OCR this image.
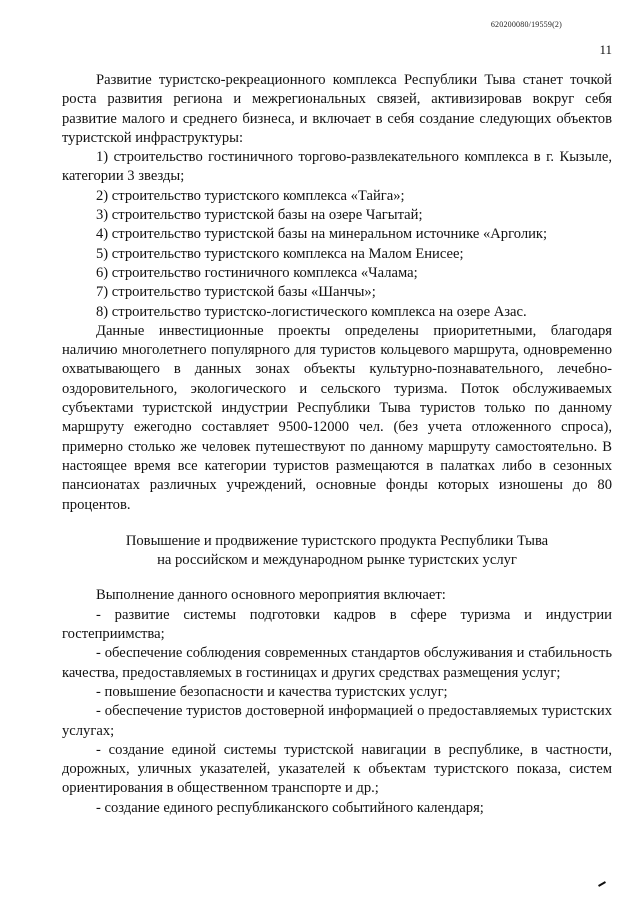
620200080/19559(2)
11

Развитие туристско-рекреационного комплекса Республики Тыва станет точкой роста развития региона и межрегиональных связей, активизировав вокруг себя развитие малого и среднего бизнеса, и включает в себя создание следующих объектов туристской инфраструктуры:

1) строительство гостиничного торгово-развлекательного комплекса в г. Кызыле, категории 3 звезды;

2) строительство туристского комплекса «Тайга»;

3) строительство туристской базы на озере Чагытай;

4) строительство туристской базы на минеральном источнике «Арголик;

5) строительство туристского комплекса на Малом Енисее;

6) строительство гостиничного комплекса «Чалама;

7) строительство туристской базы «Шанчы»;

8) строительство туристско-логистического комплекса на озере Азас.

Данные инвестиционные проекты определены приоритетными, благодаря наличию многолетнего популярного для туристов кольцевого маршрута, одновременно охватывающего в данных зонах объекты культурно-познавательного, лечебно-оздоровительного, экологического и сельского туризма. Поток обслуживаемых субъектами туристской индустрии Республики Тыва туристов только по данному маршруту ежегодно составляет 9500-12000 чел. (без учета отложенного спроса), примерно столько же человек путешествуют по данному маршруту самостоятельно. В настоящее время все категории туристов размещаются в палатках либо в сезонных пансионатах различных учреждений, основные фонды которых изношены до 80 процентов.

Повышение и продвижение туристского продукта Республики Тыва
на российском и международном рынке туристских услуг

Выполнение данного основного мероприятия включает:

- развитие системы подготовки кадров в сфере туризма и индустрии гостеприимства;

- обеспечение соблюдения современных стандартов обслуживания и стабильность качества, предоставляемых в гостиницах и других средствах размещения услуг;

- повышение безопасности и качества туристских услуг;

- обеспечение туристов достоверной информацией о предоставляемых туристских услугах;

- создание единой системы туристской навигации в республике, в частности, дорожных, уличных указателей, указателей к объектам туристского показа, систем ориентирования в общественном транспорте и др.;

- создание единого республиканского событийного календаря;
